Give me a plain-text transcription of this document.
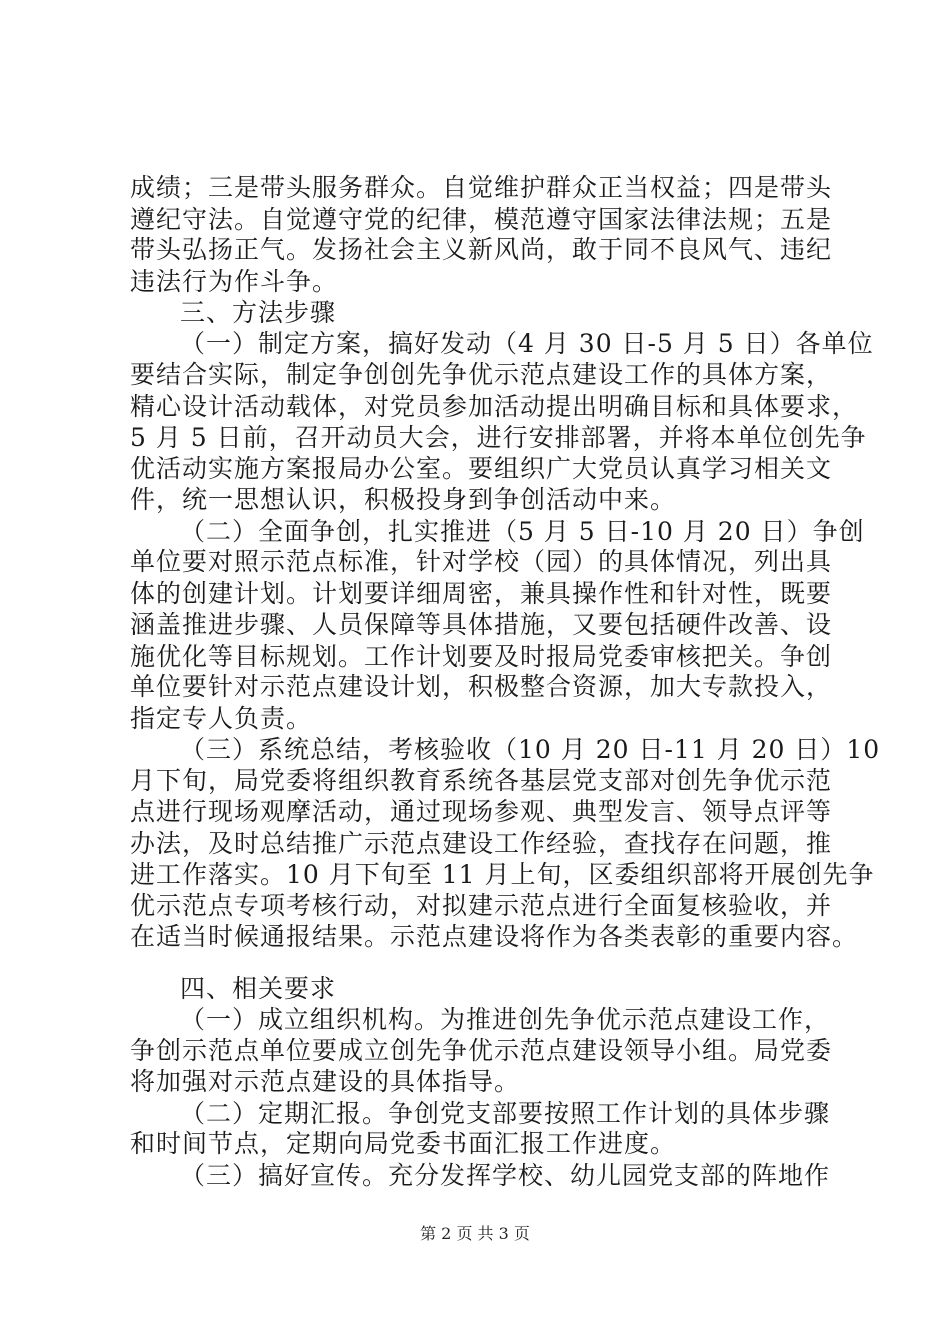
成绩；三是带头服务群众。自觉维护群众正当权益；四是带头
遵纪守法。自觉遵守党的纪律，模范遵守国家法律法规；五是
带头弘扬正气。发扬社会主义新风尚，敢于同不良风气、违纪
违法行为作斗争。
三、方法步骤
（一）制定方案，搞好发动（4 月 30 日-5 月 5 日）各单位
要结合实际，制定争创创先争优示范点建设工作的具体方案，
精心设计活动载体，对党员参加活动提出明确目标和具体要求，
5 月 5 日前，召开动员大会，进行安排部署，并将本单位创先争
优活动实施方案报局办公室。要组织广大党员认真学习相关文
件，统一思想认识，积极投身到争创活动中来。
（二）全面争创，扎实推进（5 月 5 日-10 月 20 日）争创
单位要对照示范点标准，针对学校（园）的具体情况，列出具
体的创建计划。计划要详细周密，兼具操作性和针对性，既要
涵盖推进步骤、人员保障等具体措施，又要包括硬件改善、设
施优化等目标规划。工作计划要及时报局党委审核把关。争创
单位要针对示范点建设计划，积极整合资源，加大专款投入，
指定专人负责。
（三）系统总结，考核验收（10 月 20 日-11 月 20 日）10
月下旬，局党委将组织教育系统各基层党支部对创先争优示范
点进行现场观摩活动，通过现场参观、典型发言、领导点评等
办法，及时总结推广示范点建设工作经验，查找存在问题，推
进工作落实。10 月下旬至 11 月上旬，区委组织部将开展创先争
优示范点专项考核行动，对拟建示范点进行全面复核验收，并
在适当时候通报结果。示范点建设将作为各类表彰的重要内容。
四、相关要求
（一）成立组织机构。为推进创先争优示范点建设工作，
争创示范点单位要成立创先争优示范点建设领导小组。局党委
将加强对示范点建设的具体指导。
（二）定期汇报。争创党支部要按照工作计划的具体步骤
和时间节点，定期向局党委书面汇报工作进度。
（三）搞好宣传。充分发挥学校、幼儿园党支部的阵地作
第 2 页 共 3 页
